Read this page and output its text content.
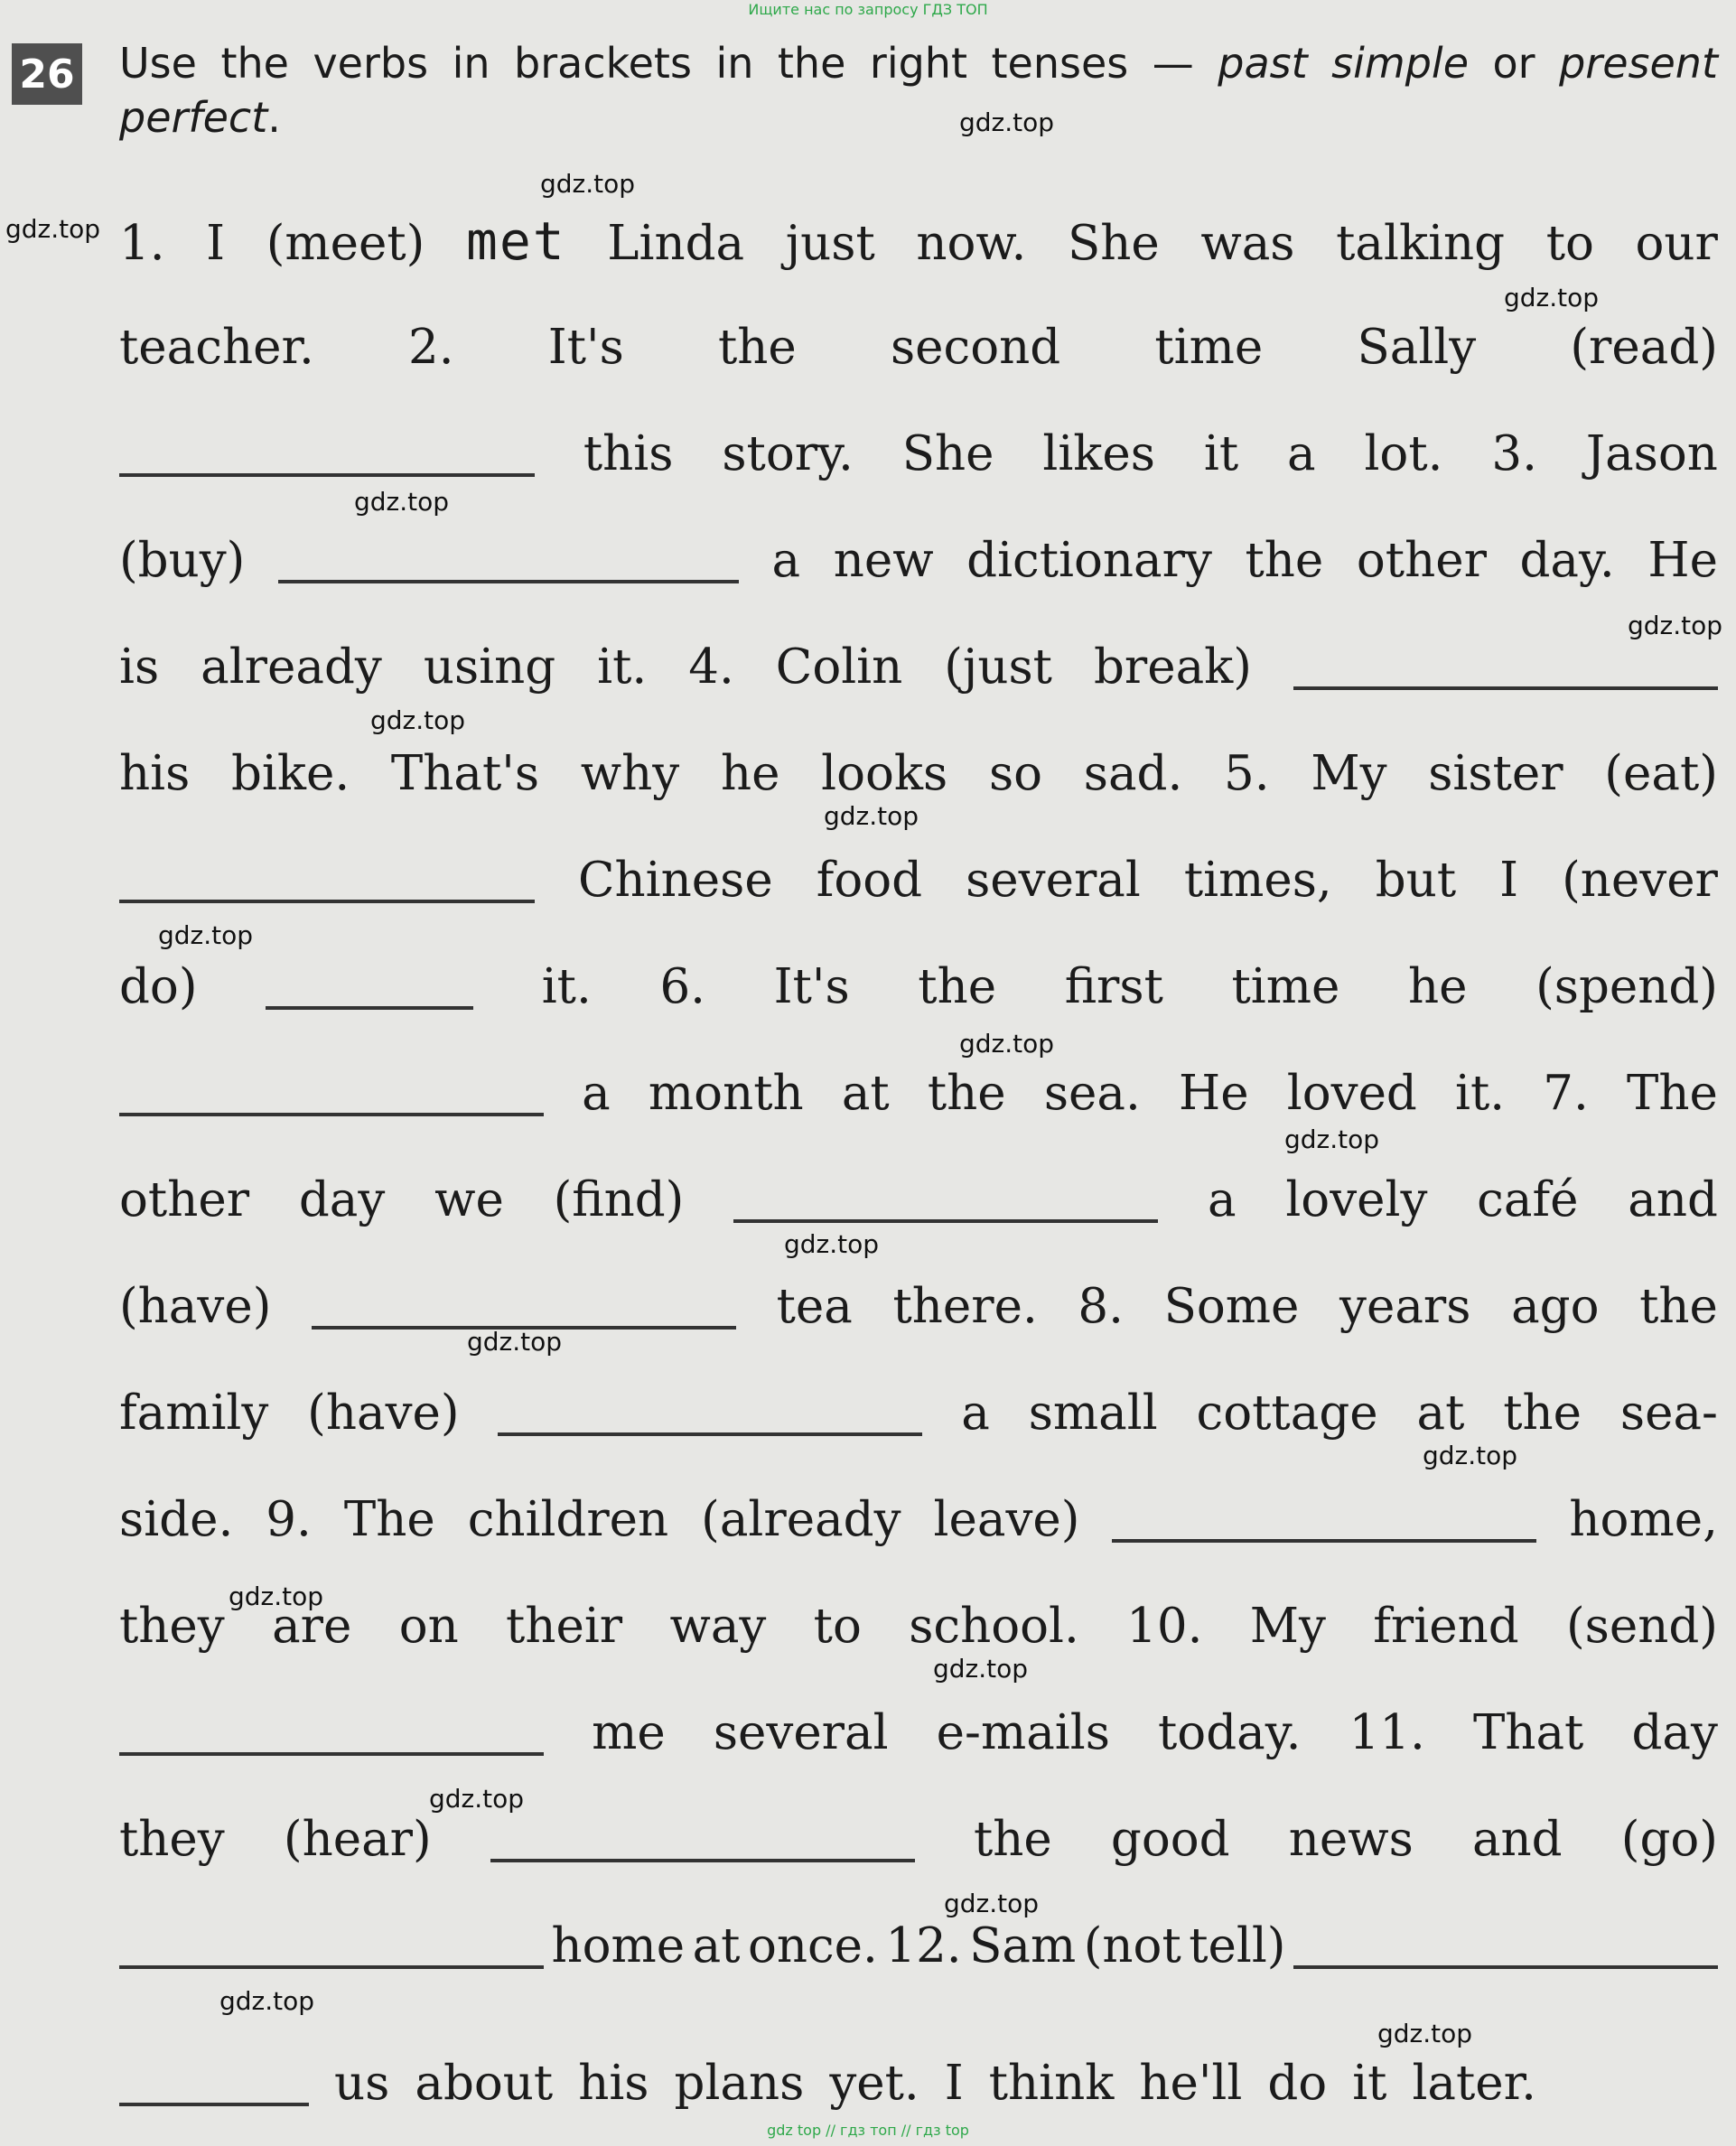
Ищите нас по запросу ГДЗ ТОП
26 Use the verbs in brackets in the right tenses — past simple or present perfect.
1. I (meet) met Linda just now. She was talking to our
teacher. 2. It's the second time Sally (read)
this story. She likes it a lot. 3. Jason
(buy)	a new dictionary the other day. He
is already using it. 4. Colin (just break)
his bike. That's why he looks so sad. 5. My sister (eat)
Chinese food several times, but I (never
do)	it. 6. It's the first time he (spend)
a month at the sea. He loved it. 7. The
other day we (find)	a lovely café and
(have)	tea there. 8. Some years ago the
family (have)	a small cottage at the sea-
side. 9. The children (already leave)	home,
they are on their way to school. 10. My friend (send)
me several e-mails today. 11. That day
they (hear)	the good news and (go)
home at once. 12. Sam (not tell)
us about his plans yet. I think he'll do it later.
gdz.top
gdz.top
gdz.top
gdz.top
gdz.top
gdz.top
gdz.top
gdz.top
gdz.top
gdz.top
gdz.top
gdz.top
gdz.top
gdz.top
gdz.top
gdz.top
gdz.top
gdz.top
gdz.top
gdz.top
gdz top // гдз топ // гдз top
